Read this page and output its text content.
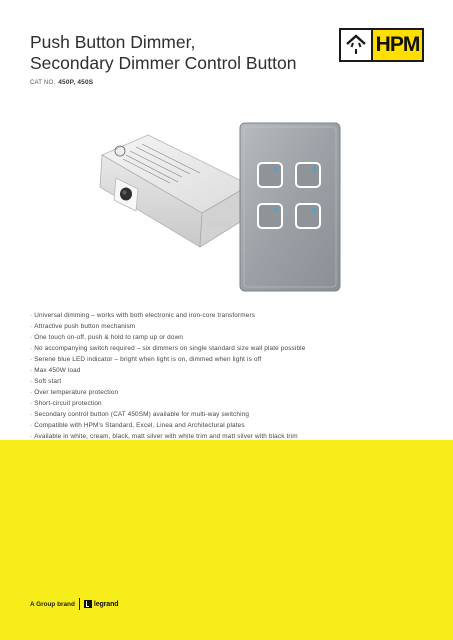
Push Button Dimmer,
Secondary Dimmer Control Button
CAT NO. 450P, 450S
HPM
· Universal dimming – works with both electronic and iron-core transformers
· Attractive push button mechanism
· One touch on-off, push & hold to ramp up or down
· No accompanying switch required – six dimmers on single standard size wall plate possible
· Serene blue LED indicator – bright when light is on, dimmed when light is off
· Max 450W load
· Soft start
· Over temperature protection
· Short-circuit protection
· Secondary control button (CAT 450SM) available for multi-way switching
· Compatible with HPM's Standard, Excel, Linea and Architectural plates
· Available in white, cream, black, matt silver with white trim and matt silver with black trim
A Group brand	legrand
